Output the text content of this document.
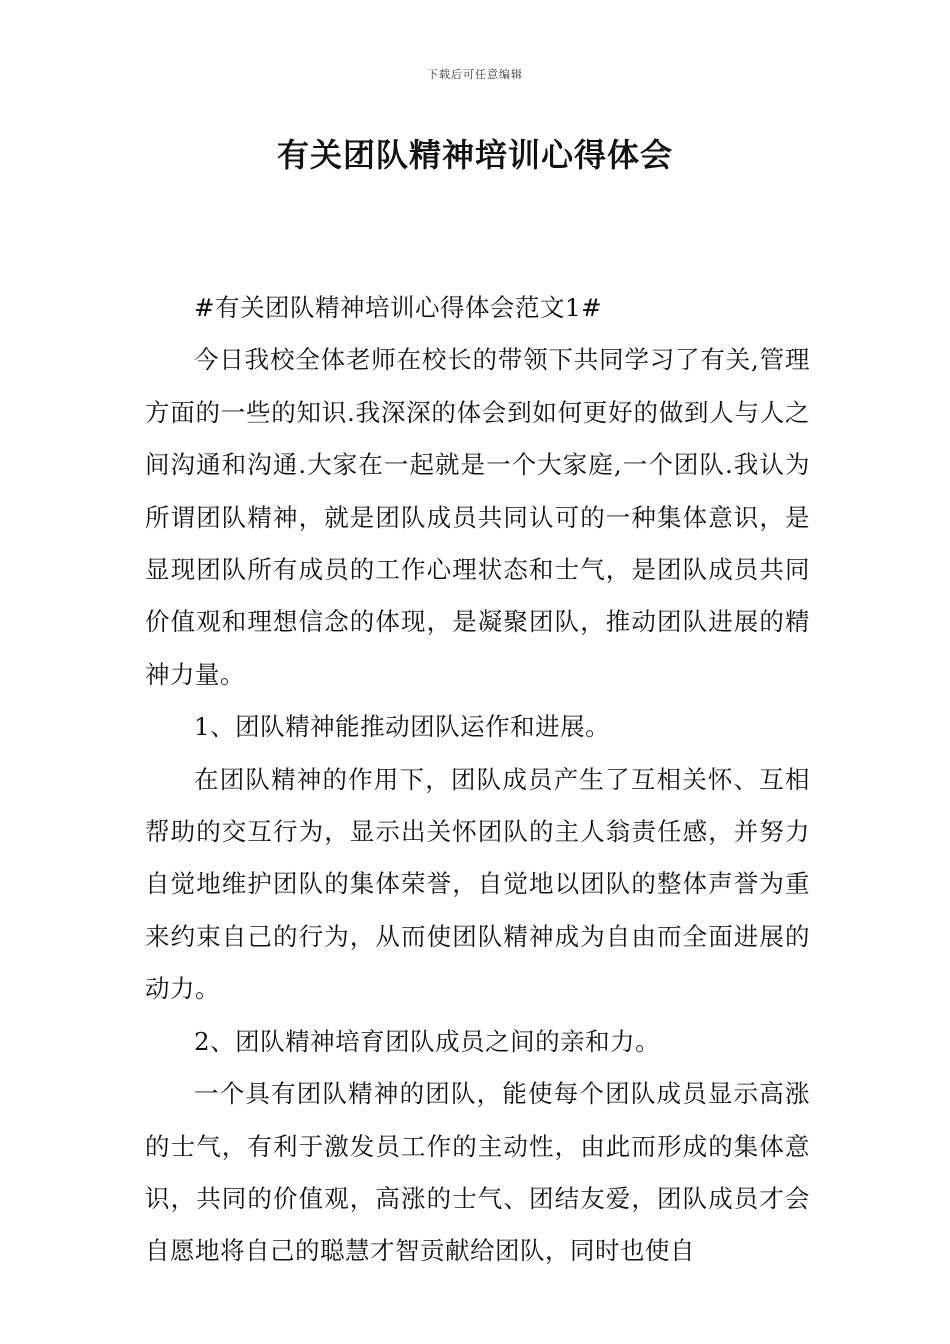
下载后可任意编辑
有关团队精神培训心得体会

#有关团队精神培训心得体会范文1#

今日我校全体老师在校长的带领下共同学习了有关,管理方面的一些的知识.我深深的体会到如何更好的做到人与人之间沟通和沟通.大家在一起就是一个大家庭,一个团队.我认为所谓团队精神，就是团队成员共同认可的一种集体意识，是显现团队所有成员的工作心理状态和士气，是团队成员共同价值观和理想信念的体现，是凝聚团队，推动团队进展的精神力量。

1、团队精神能推动团队运作和进展。

在团队精神的作用下，团队成员产生了互相关怀、互相帮助的交互行为，显示出关怀团队的主人翁责任感，并努力自觉地维护团队的集体荣誉，自觉地以团队的整体声誉为重来约束自己的行为，从而使团队精神成为自由而全面进展的动力。

2、团队精神培育团队成员之间的亲和力。

一个具有团队精神的团队，能使每个团队成员显示高涨的士气，有利于激发员工作的主动性，由此而形成的集体意识，共同的价值观，高涨的士气、团结友爱，团队成员才会自愿地将自己的聪慧才智贡献给团队，同时也使自
